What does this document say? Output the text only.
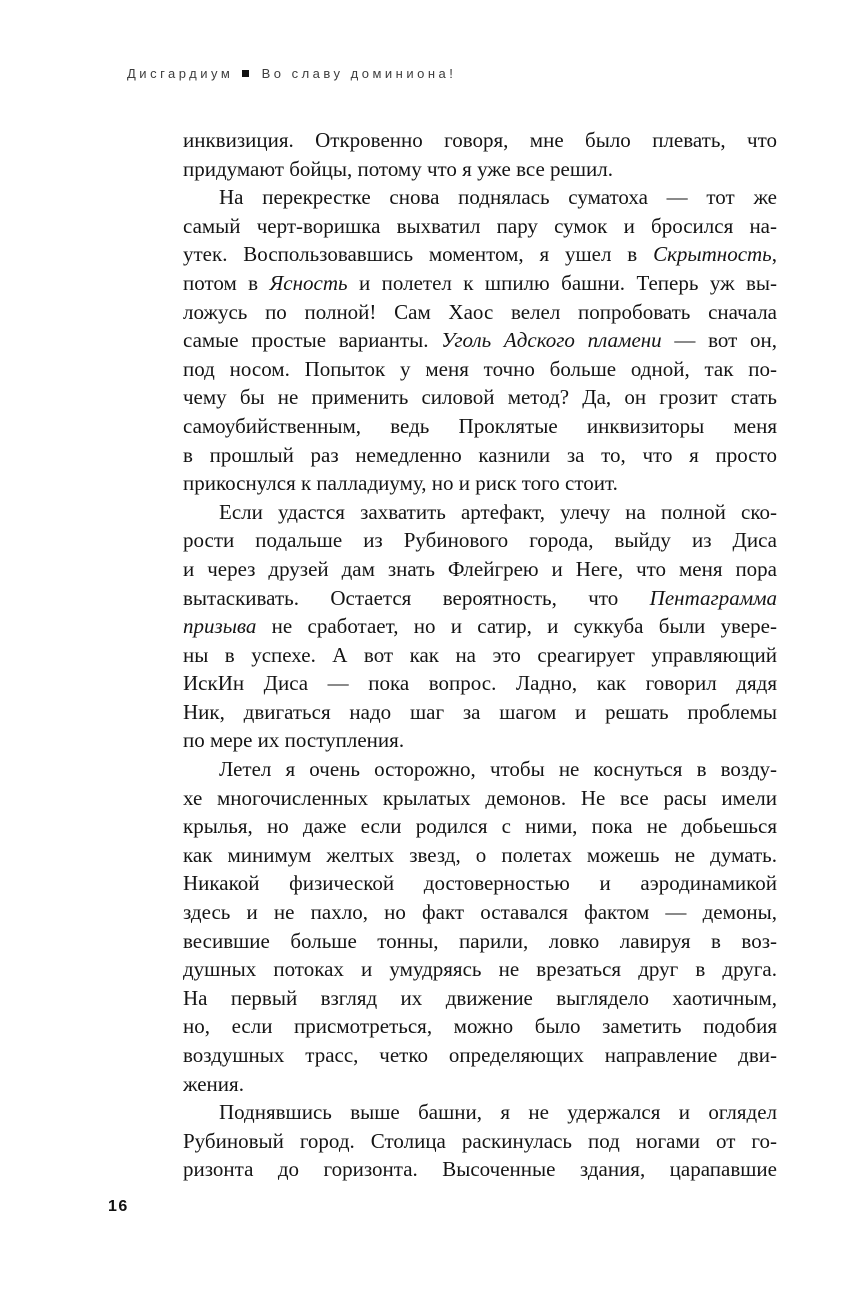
Дисгардиум Во славу доминиона!
инквизиция. Откровенно говоря, мне было плевать, что
придумают бойцы, потому что я уже все решил.
На перекрестке снова поднялась суматоха — тот же
самый черт-воришка выхватил пару сумок и бросился на-
утек. Воспользовавшись моментом, я ушел в Скрытность,
потом в Ясность и полетел к шпилю башни. Теперь уж вы-
ложусь по полной! Сам Хаос велел попробовать сначала
самые простые варианты. Уголь Адского пламени — вот он,
под носом. Попыток у меня точно больше одной, так по-
чему бы не применить силовой метод? Да, он грозит стать
самоубийственным, ведь Проклятые инквизиторы меня
в прошлый раз немедленно казнили за то, что я просто
прикоснулся к палладиуму, но и риск того стоит.
Если удастся захватить артефакт, улечу на полной ско-
рости подальше из Рубинового города, выйду из Диса
и через друзей дам знать Флейгрею и Неге, что меня пора
вытаскивать. Остается вероятность, что Пентаграмма
призыва не сработает, но и сатир, и суккуба были увере-
ны в успехе. А вот как на это среагирует управляющий
ИскИн Диса — пока вопрос. Ладно, как говорил дядя
Ник, двигаться надо шаг за шагом и решать проблемы
по мере их поступления.
Летел я очень осторожно, чтобы не коснуться в возду-
хе многочисленных крылатых демонов. Не все расы имели
крылья, но даже если родился с ними, пока не добьешься
как минимум желтых звезд, о полетах можешь не думать.
Никакой физической достоверностью и аэродинамикой
здесь и не пахло, но факт оставался фактом — демоны,
весившие больше тонны, парили, ловко лавируя в воз-
душных потоках и умудряясь не врезаться друг в друга.
На первый взгляд их движение выглядело хаотичным,
но, если присмотреться, можно было заметить подобия
воздушных трасс, четко определяющих направление дви-
жения.
Поднявшись выше башни, я не удержался и оглядел
Рубиновый город. Столица раскинулась под ногами от го-
ризонта до горизонта. Высоченные здания, царапавшие
16
